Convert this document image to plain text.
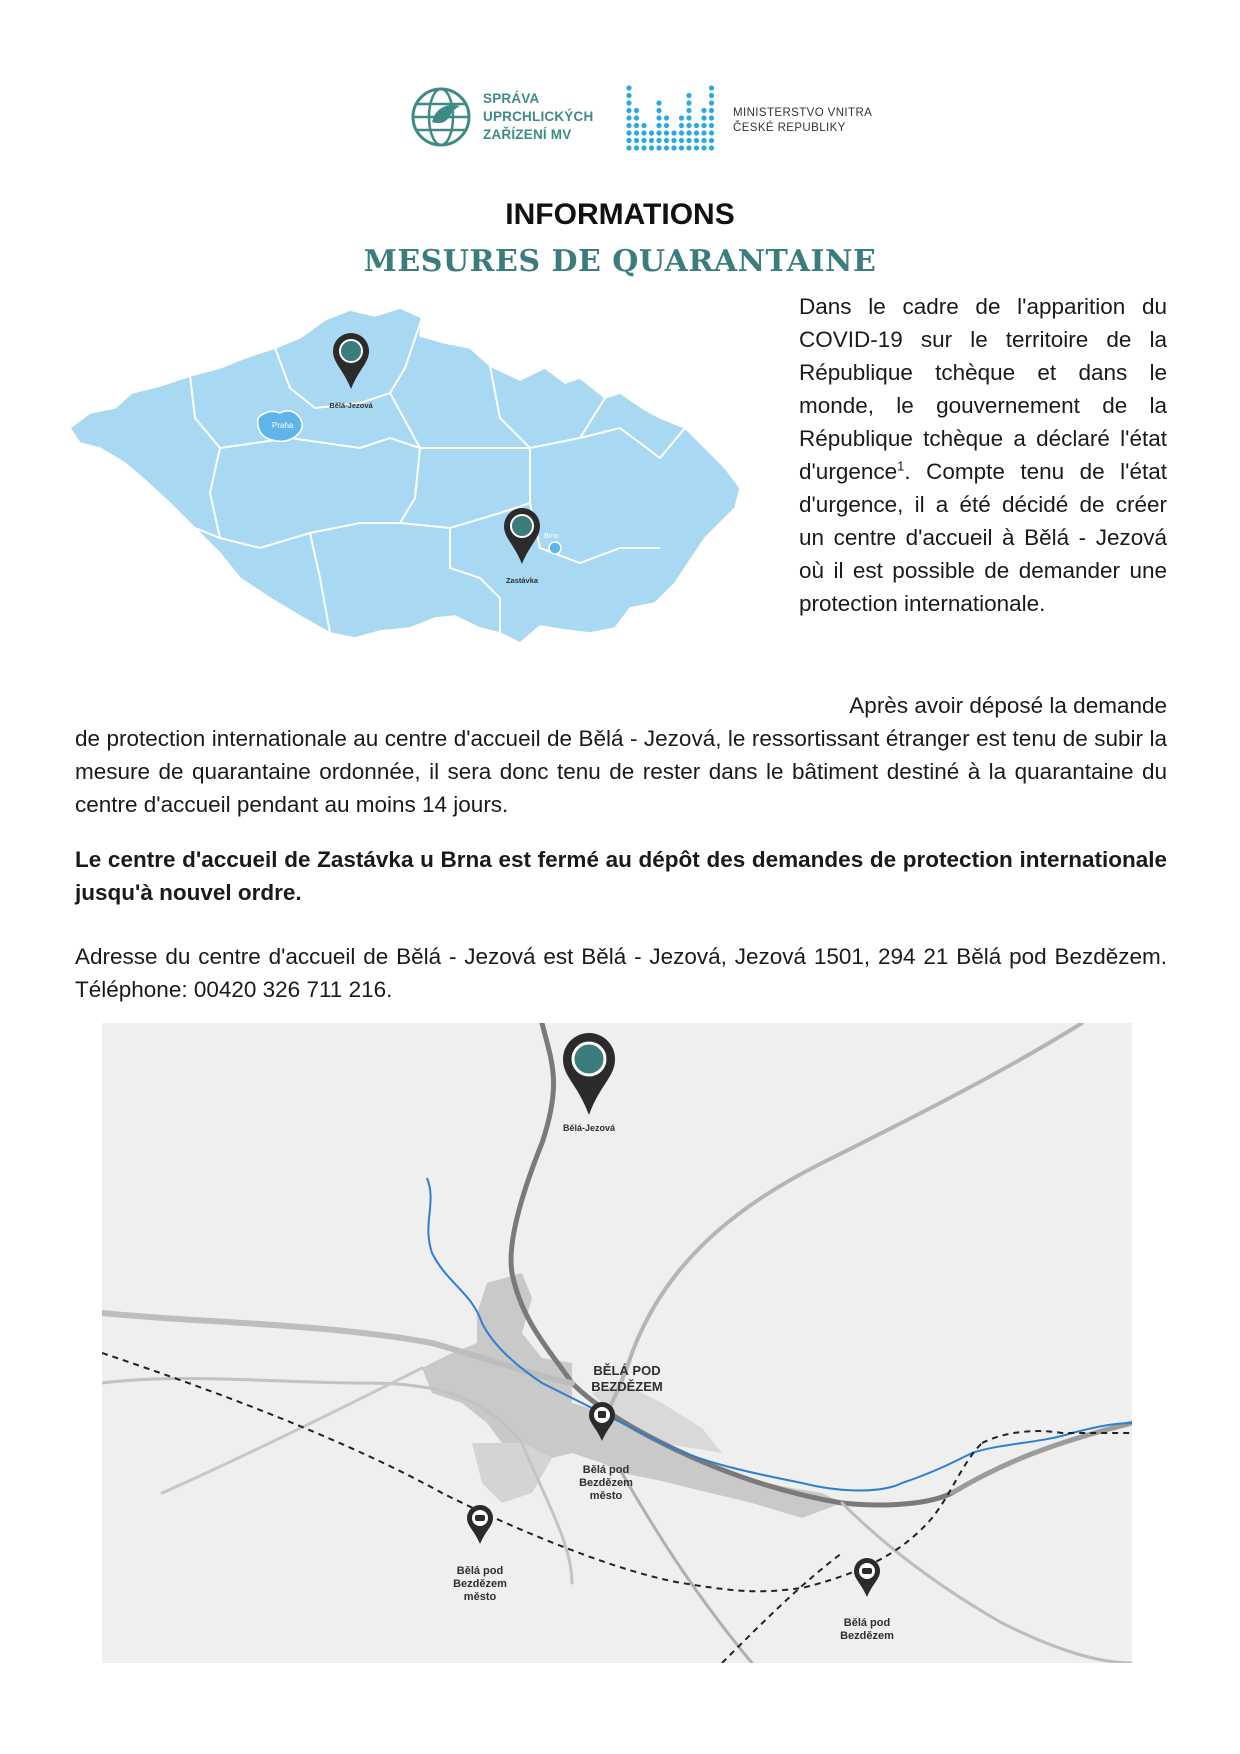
SPRÁVA
UPRCHLICKÝCH
ZAŘÍZENÍ MV
MINISTERSTVO VNITRA
ČESKÉ REPUBLIKY
INFORMATIONS
MESURES DE QUARANTAINE
Praha
Brno
Bělá-Jezová
Zastávka
Dans le cadre de l'apparition du COVID-19 sur le territoire de la République tchèque et dans le monde, le gouvernement de la République tchèque a déclaré l'état d'urgence$^1$. Compte tenu de l'état d'urgence, il a été décidé de créer un centre d'accueil à Bělá - Jezová où il est possible de demander une protection internationale.
Après avoir déposé la demande
de protection internationale au centre d'accueil de Bělá - Jezová, le ressortissant étranger est tenu de subir la mesure de quarantaine ordonnée, il sera donc tenu de rester dans le bâtiment destiné à la quarantaine du centre d'accueil pendant au moins 14 jours.
Le centre d'accueil de Zastávka u Brna est fermé au dépôt des demandes de protection internationale jusqu'à nouvel ordre.
Adresse du centre d'accueil de Bělá - Jezová est Bělá - Jezová, Jezová 1501, 294 21 Bělá pod Bezdězem. Téléphone: 00420 326 711 216.
BĚLÁ POD
BEZDĚZEM
Bělá-Jezová
Bělá pod
Bezdězem
město
Bělá pod
Bezdězem
město
Bělá pod
Bezdězem
